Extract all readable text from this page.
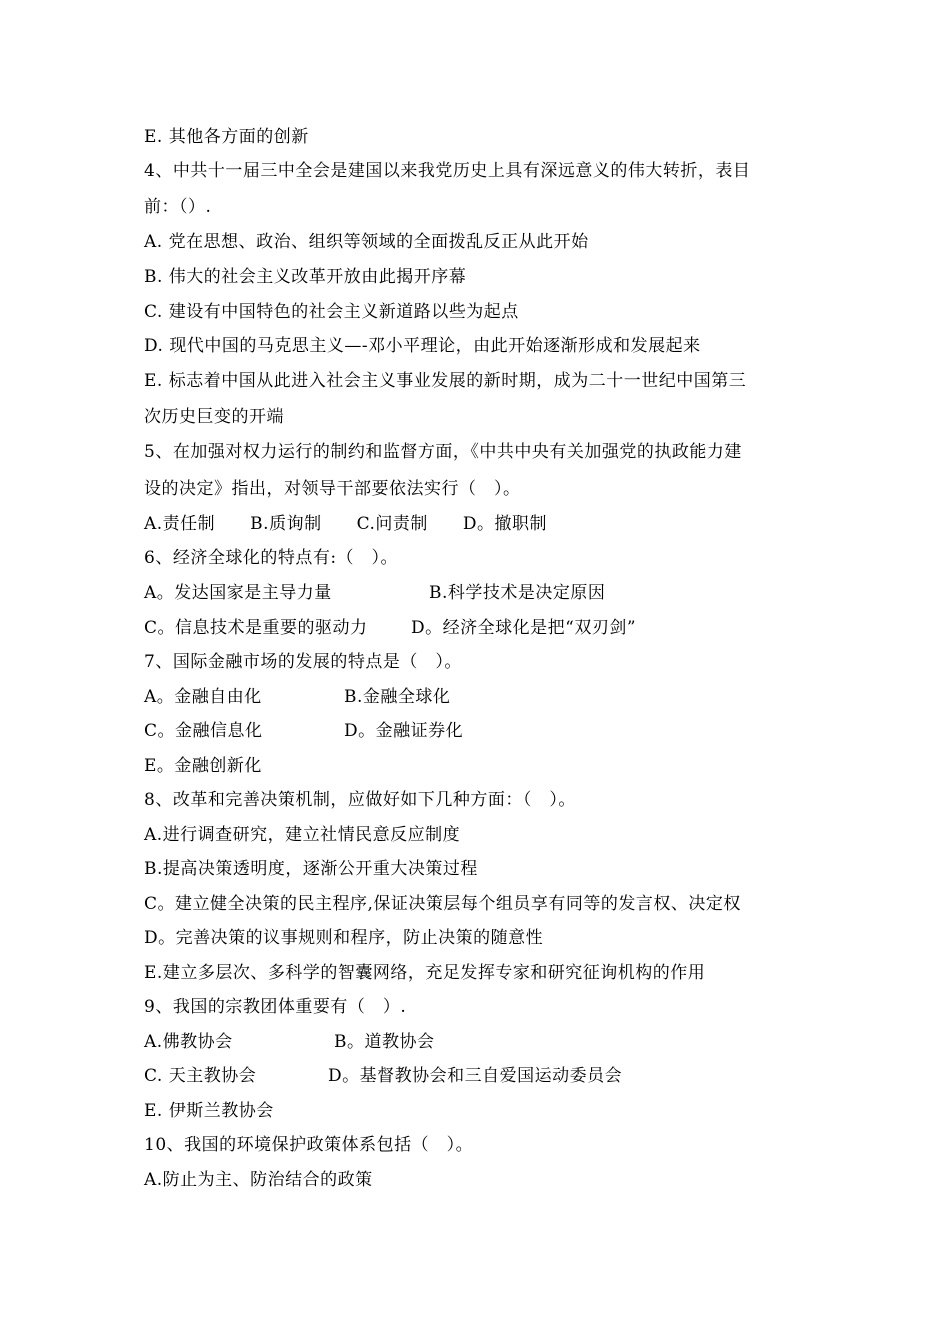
E. 其他各方面的创新
4、中共十一届三中全会是建国以来我党历史上具有深远意义的伟大转折，表目
前：（）.
A. 党在思想、政治、组织等领域的全面拨乱反正从此开始
B. 伟大的社会主义改革开放由此揭开序幕
C. 建设有中国特色的社会主义新道路以些为起点
D. 现代中国的马克思主义—-邓小平理论，由此开始逐渐形成和发展起来
E. 标志着中国从此进入社会主义事业发展的新时期，成为二十一世纪中国第三
次历史巨变的开端
5、在加强对权力运行的制约和监督方面，《中共中央有关加强党的执政能力建
设的决定》指出，对领导干部要依法实行（　）。
A.责任制　　B.质询制　　C.问责制　　D。撤职制
6、经济全球化的特点有:（　）。
A。发达国家是主导力量	B.科学技术是决定原因
C。信息技术是重要的驱动力	D。经济全球化是把“双刃剑”
7、国际金融市场的发展的特点是（　）。
A。金融自由化	B.金融全球化
C。金融信息化	D。金融证券化
E。金融创新化
8、改革和完善决策机制，应做好如下几种方面：（　）。
A.进行调查研究，建立社情民意反应制度
B.提高决策透明度，逐渐公开重大决策过程
C。建立健全决策的民主程序,保证决策层每个组员享有同等的发言权、决定权
D。完善决策的议事规则和程序，防止决策的随意性
E.建立多层次、多科学的智囊网络，充足发挥专家和研究征询机构的作用
9、我国的宗教团体重要有（　）.
A.佛教协会	B。道教协会
C. 天主教协会	D。基督教协会和三自爱国运动委员会
E. 伊斯兰教协会
10、我国的环境保护政策体系包括（　）。
A.防止为主、防治结合的政策
